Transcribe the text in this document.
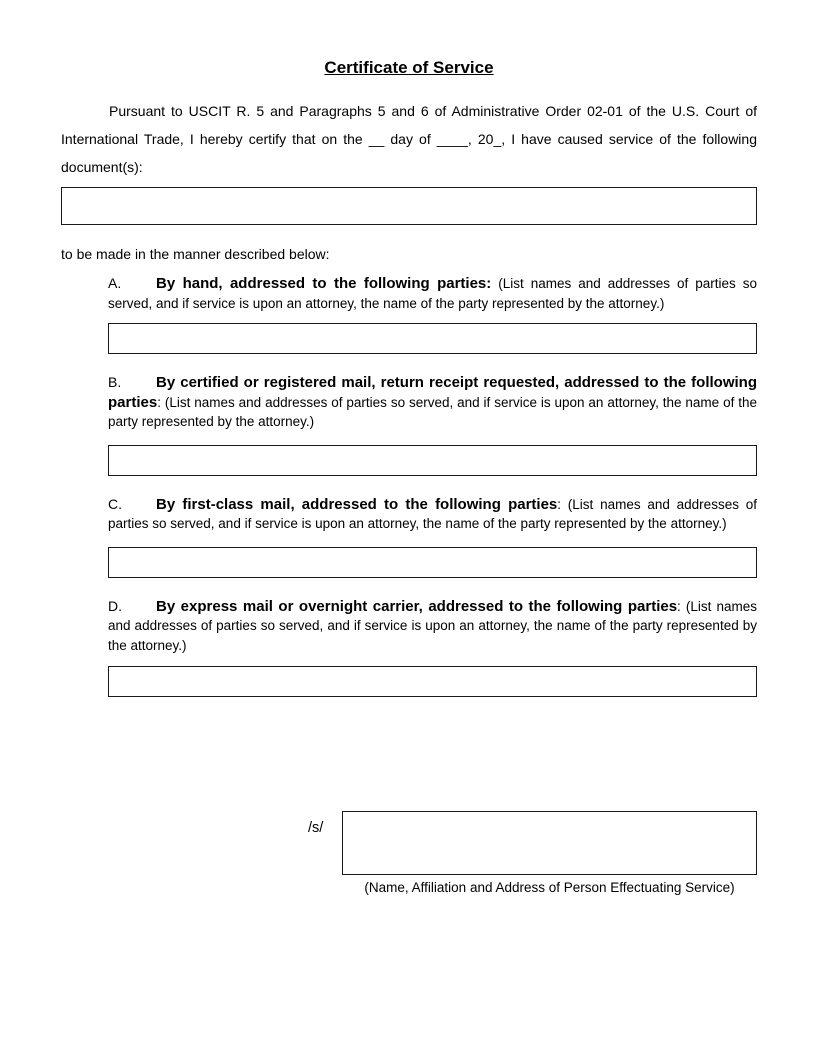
Certificate of Service

Pursuant to USCIT R. 5 and Paragraphs 5 and 6 of Administrative Order 02-01 of the U.S. Court of International Trade, I hereby certify that on the __ day of ____, 20_, I have caused service of the following document(s):

to be made in the manner described below:

A. By hand, addressed to the following parties: (List names and addresses of parties so served, and if service is upon an attorney, the name of the party represented by the attorney.)

B. By certified or registered mail, return receipt requested, addressed to the following parties: (List names and addresses of parties so served, and if service is upon an attorney, the name of the party represented by the attorney.)

C. By first-class mail, addressed to the following parties: (List names and addresses of parties so served, and if service is upon an attorney, the name of the party represented by the attorney.)

D. By express mail or overnight carrier, addressed to the following parties: (List names and addresses of parties so served, and if service is upon an attorney, the name of the party represented by the attorney.)

/s/

(Name, Affiliation and Address of Person Effectuating Service)
